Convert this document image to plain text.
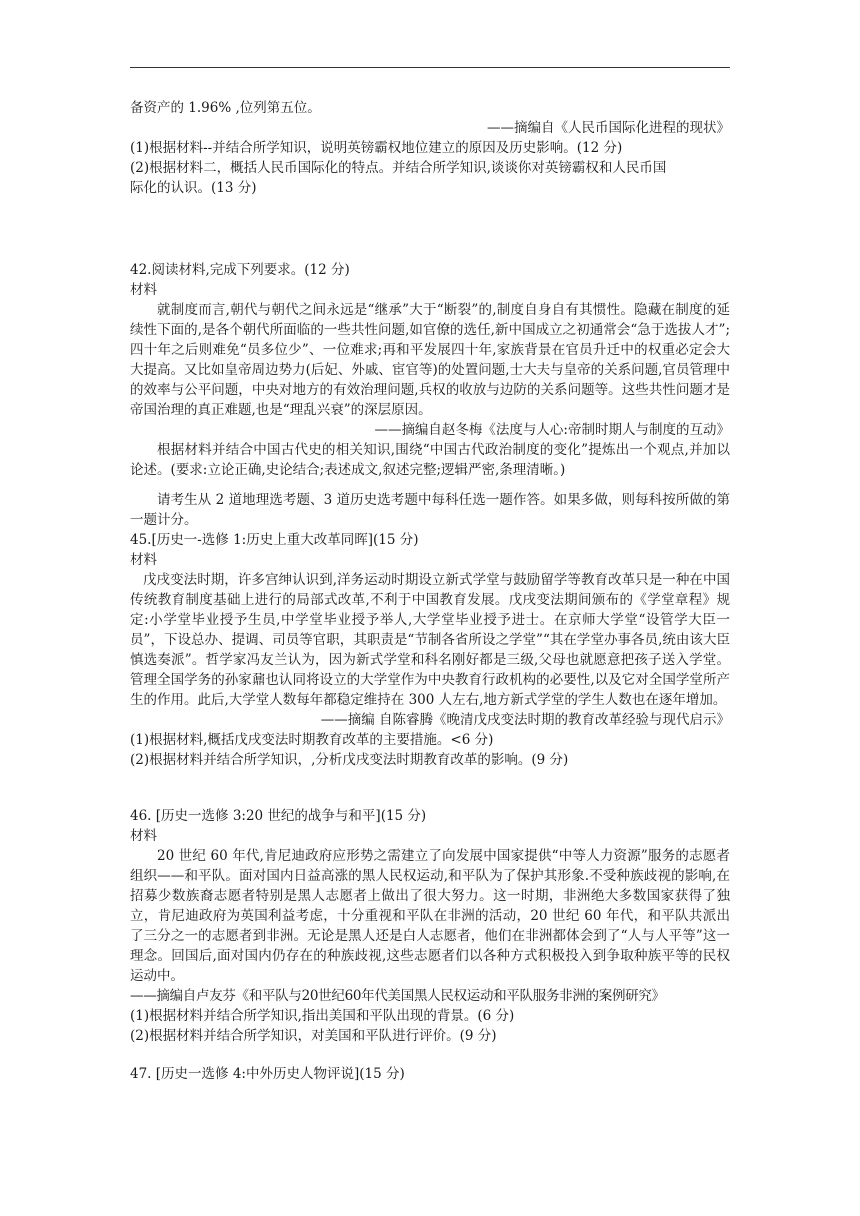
备资产的 1.96% ,位列第五位。
——摘编自《人民币国际化进程的现状》
(1)根据材料--并结合所学知识，说明英镑霸权地位建立的原因及历史影响。(12 分)
(2)根据材料二，概括人民币国际化的特点。并结合所学知识,谈谈你对英镑霸权和人民币国
际化的认识。(13 分)
42.阅读材料,完成下列要求。(12 分)
材料
就制度而言,朝代与朝代之间永远是“继承”大于“断裂”的,制度自身自有其惯性。隐藏在制度的延续性下面的,是各个朝代所面临的一些共性问题,如官僚的选任,新中国成立之初通常会“急于选拔人才”;四十年之后则难免“员多位少”、一位难求;再和平发展四十年,家族背景在官员升迁中的权重必定会大大提高。又比如皇帝周边势力(后妃、外戚、宦官等)的处置问题,士大夫与皇帝的关系问题,官员管理中的效率与公平问题，中央对地方的有效治理问题,兵权的收放与边防的关系问题等。这些共性问题才是帝国治理的真正难题,也是“理乱兴衰”的深层原因。
——摘编自赵冬梅《法度与人心:帝制时期人与制度的互动》
根据材料并结合中国古代史的相关知识,围绕“中国古代政治制度的变化”提炼出一个观点,并加以论述。(要求:立论正确,史论结合;表述成文,叙述完整;逻辑严密,条理清晰。)
请考生从 2 道地理选考题、3 道历史选考题中每科任选一题作答。如果多做，则每科按所做的第一题计分。
45.[历史一-选修 1:历史上重大改革同晖](15 分)
材料
戊戌变法时期，许多宫绅认识到,洋务运动时期设立新式学堂与鼓励留学等教育改革只是一种在中国传统教育制度基础上进行的局部式改革,不利于中国教育发展。戊戌变法期间颁布的《学堂章程》规定:小学堂毕业授予生员,中学堂毕业授予举人,大学堂毕业授予进士。在京师大学堂“设管学大臣一员”，下设总办、提调、司员等官职，其职责是“节制各省所设之学堂”“其在学堂办事各员,统由该大臣慎选奏派”。哲学家冯友兰认为，因为新式学堂和科名刚好都是三级,父母也就愿意把孩子送入学堂。管理全国学务的孙家鼐也认同将设立的大学堂作为中央教育行政机构的必要性,以及它对全国学堂所产生的作用。此后,大学堂人数每年都稳定维持在 300 人左右,地方新式学堂的学生人数也在逐年增加。
——摘编 自陈睿腾《晚清戊戌变法时期的教育改革经验与现代启示》
(1)根据材料,概括戊戌变法时期教育改革的主要措施。<6 分)
(2)根据材料并结合所学知识，,分析戊戌变法时期教育改革的影响。(9 分)
46. [历史一选修 3:20 世纪的战争与和平](15 分)
材料
20 世纪 60 年代,肯尼迪政府应形势之需建立了向发展中国家提供“中等人力资源”服务的志愿者组织——和平队。面对国内日益高涨的黑人民权运动,和平队为了保护其形象.不受种族歧视的影响,在招募少数族裔志愿者特别是黑人志愿者上做出了很大努力。这一时期，非洲绝大多数国家获得了独立，肯尼迪政府为英国利益考虑，十分重视和平队在非洲的活动，20 世纪 60 年代，和平队共派出了三分之一的志愿者到非洲。无论是黑人还是白人志愿者，他们在非洲都体会到了“人与人平等”这一理念。回国后,面对国内仍存在的种族歧视,这些志愿者们以各种方式积极投入到争取种族平等的民权运动中。
——摘编自卢友芬《和平队与20世纪60年代美国黑人民权运动和平队服务非洲的案例研究》
(1)根据材料并结合所学知识,指出美国和平队出现的背景。(6 分)
(2)根据材料并结合所学知识，对美国和平队进行评价。(9 分)
47. [历史一选修 4:中外历史人物评说](15 分)
